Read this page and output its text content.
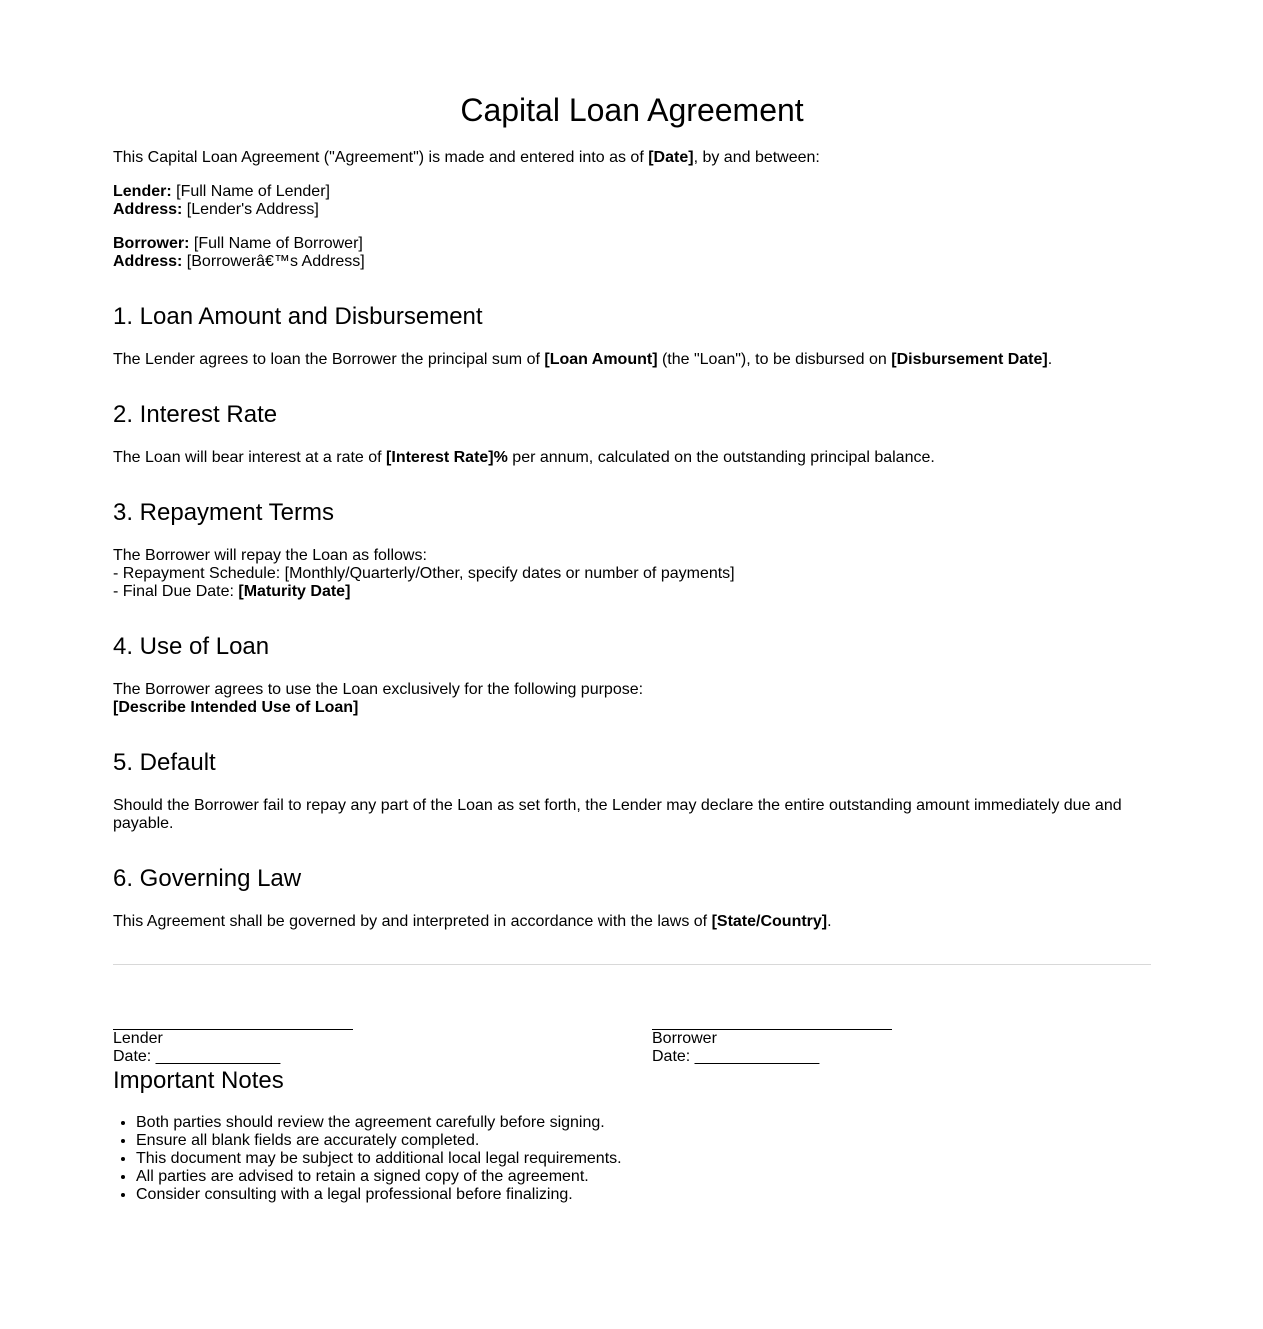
Capital Loan Agreement

This Capital Loan Agreement ("Agreement") is made and entered into as of [Date], by and between:

Lender: [Full Name of Lender]
Address: [Lender's Address]
Borrower: [Full Name of Borrower]
Address: [Borrowerâ€™s Address]
1. Loan Amount and Disbursement

The Lender agrees to loan the Borrower the principal sum of [Loan Amount] (the "Loan"), to be disbursed on [Disbursement Date].

2. Interest Rate

The Loan will bear interest at a rate of [Interest Rate]% per annum, calculated on the outstanding principal balance.

3. Repayment Terms
The Borrower will repay the Loan as follows:
- Repayment Schedule: [Monthly/Quarterly/Other, specify dates or number of payments]
- Final Due Date: [Maturity Date]
4. Use of Loan
The Borrower agrees to use the Loan exclusively for the following purpose:
[Describe Intended Use of Loan]
5. Default

Should the Borrower fail to repay any part of the Loan as set forth, the Lender may declare the entire outstanding amount immediately due and payable.

6. Governing Law

This Agreement shall be governed by and interpreted in accordance with the laws of [State/Country].

Lender
Date: ______________
Borrower
Date: ______________
Important Notes
• Both parties should review the agreement carefully before signing.
• Ensure all blank fields are accurately completed.
• This document may be subject to additional local legal requirements.
• All parties are advised to retain a signed copy of the agreement.
• Consider consulting with a legal professional before finalizing.
